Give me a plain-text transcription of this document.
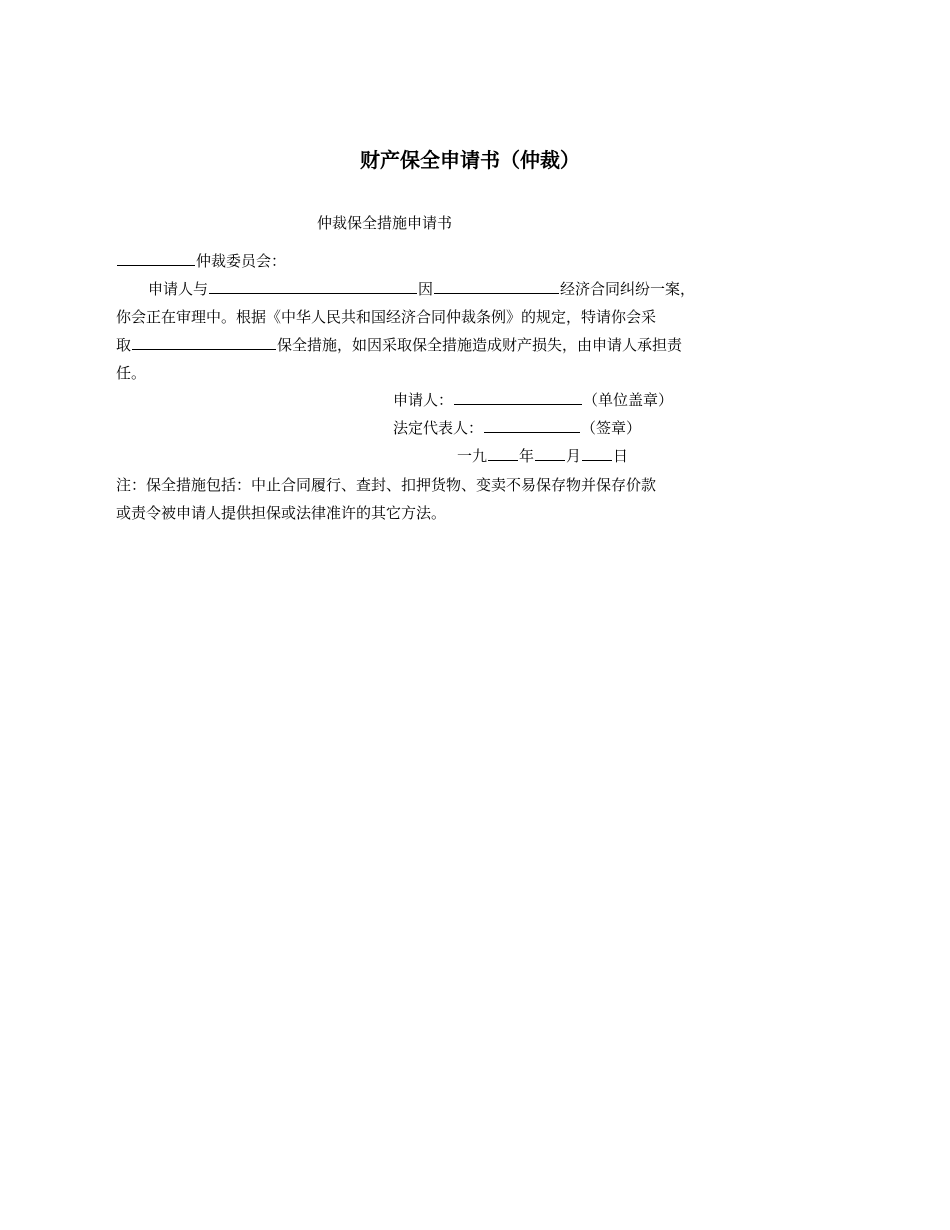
财产保全申请书（仲裁）
仲裁保全措施申请书
仲裁委员会：
申请人与	因	经济合同纠纷一案，
你会正在审理中。根据《中华人民共和国经济合同仲裁条例》的规定，特请你会采
取	保全措施，如因采取保全措施造成财产损失，由申请人承担责
任。
申请人：	（单位盖章）
法定代表人：	（签章）
一九 年 月 日
注：保全措施包括：中止合同履行、查封、扣押货物、变卖不易保存物并保存价款
或责令被申请人提供担保或法律准许的其它方法。
